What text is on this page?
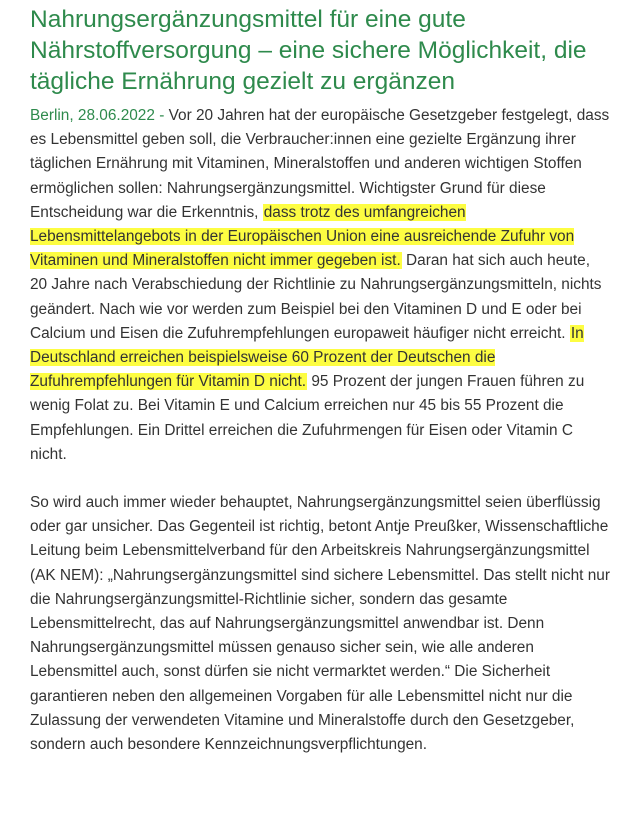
Nahrungsergänzungsmittel für eine gute Nährstoffversorgung – eine sichere Möglichkeit, die tägliche Ernährung gezielt zu ergänzen

Berlin, 28.06.2022 - Vor 20 Jahren hat der europäische Gesetzgeber festgelegt, dass es Lebensmittel geben soll, die Verbraucher:innen eine gezielte Ergänzung ihrer täglichen Ernährung mit Vitaminen, Mineralstoffen und anderen wichtigen Stoffen ermöglichen sollen: Nahrungsergänzungsmittel. Wichtigster Grund für diese Entscheidung war die Erkenntnis, dass trotz des umfangreichen Lebensmittelangebots in der Europäischen Union eine ausreichende Zufuhr von Vitaminen und Mineralstoffen nicht immer gegeben ist. Daran hat sich auch heute, 20 Jahre nach Verabschiedung der Richtlinie zu Nahrungsergänzungsmitteln, nichts geändert. Nach wie vor werden zum Beispiel bei den Vitaminen D und E oder bei Calcium und Eisen die Zufuhrempfehlungen europaweit häufiger nicht erreicht. In Deutschland erreichen beispielsweise 60 Prozent der Deutschen die Zufuhrempfehlungen für Vitamin D nicht. 95 Prozent der jungen Frauen führen zu wenig Folat zu. Bei Vitamin E und Calcium erreichen nur 45 bis 55 Prozent die Empfehlungen. Ein Drittel erreichen die Zufuhrmengen für Eisen oder Vitamin C nicht.

So wird auch immer wieder behauptet, Nahrungsergänzungsmittel seien überflüssig oder gar unsicher. Das Gegenteil ist richtig, betont Antje Preußker, Wissenschaftliche Leitung beim Lebensmittelverband für den Arbeitskreis Nahrungsergänzungsmittel (AK NEM): „Nahrungsergänzungsmittel sind sichere Lebensmittel. Das stellt nicht nur die Nahrungsergänzungsmittel-Richtlinie sicher, sondern das gesamte Lebensmittelrecht, das auf Nahrungsergänzungsmittel anwendbar ist. Denn Nahrungsergänzungsmittel müssen genauso sicher sein, wie alle anderen Lebensmittel auch, sonst dürfen sie nicht vermarktet werden.“ Die Sicherheit garantieren neben den allgemeinen Vorgaben für alle Lebensmittel nicht nur die Zulassung der verwendeten Vitamine und Mineralstoffe durch den Gesetzgeber, sondern auch besondere Kennzeichnungsverpflichtungen.
